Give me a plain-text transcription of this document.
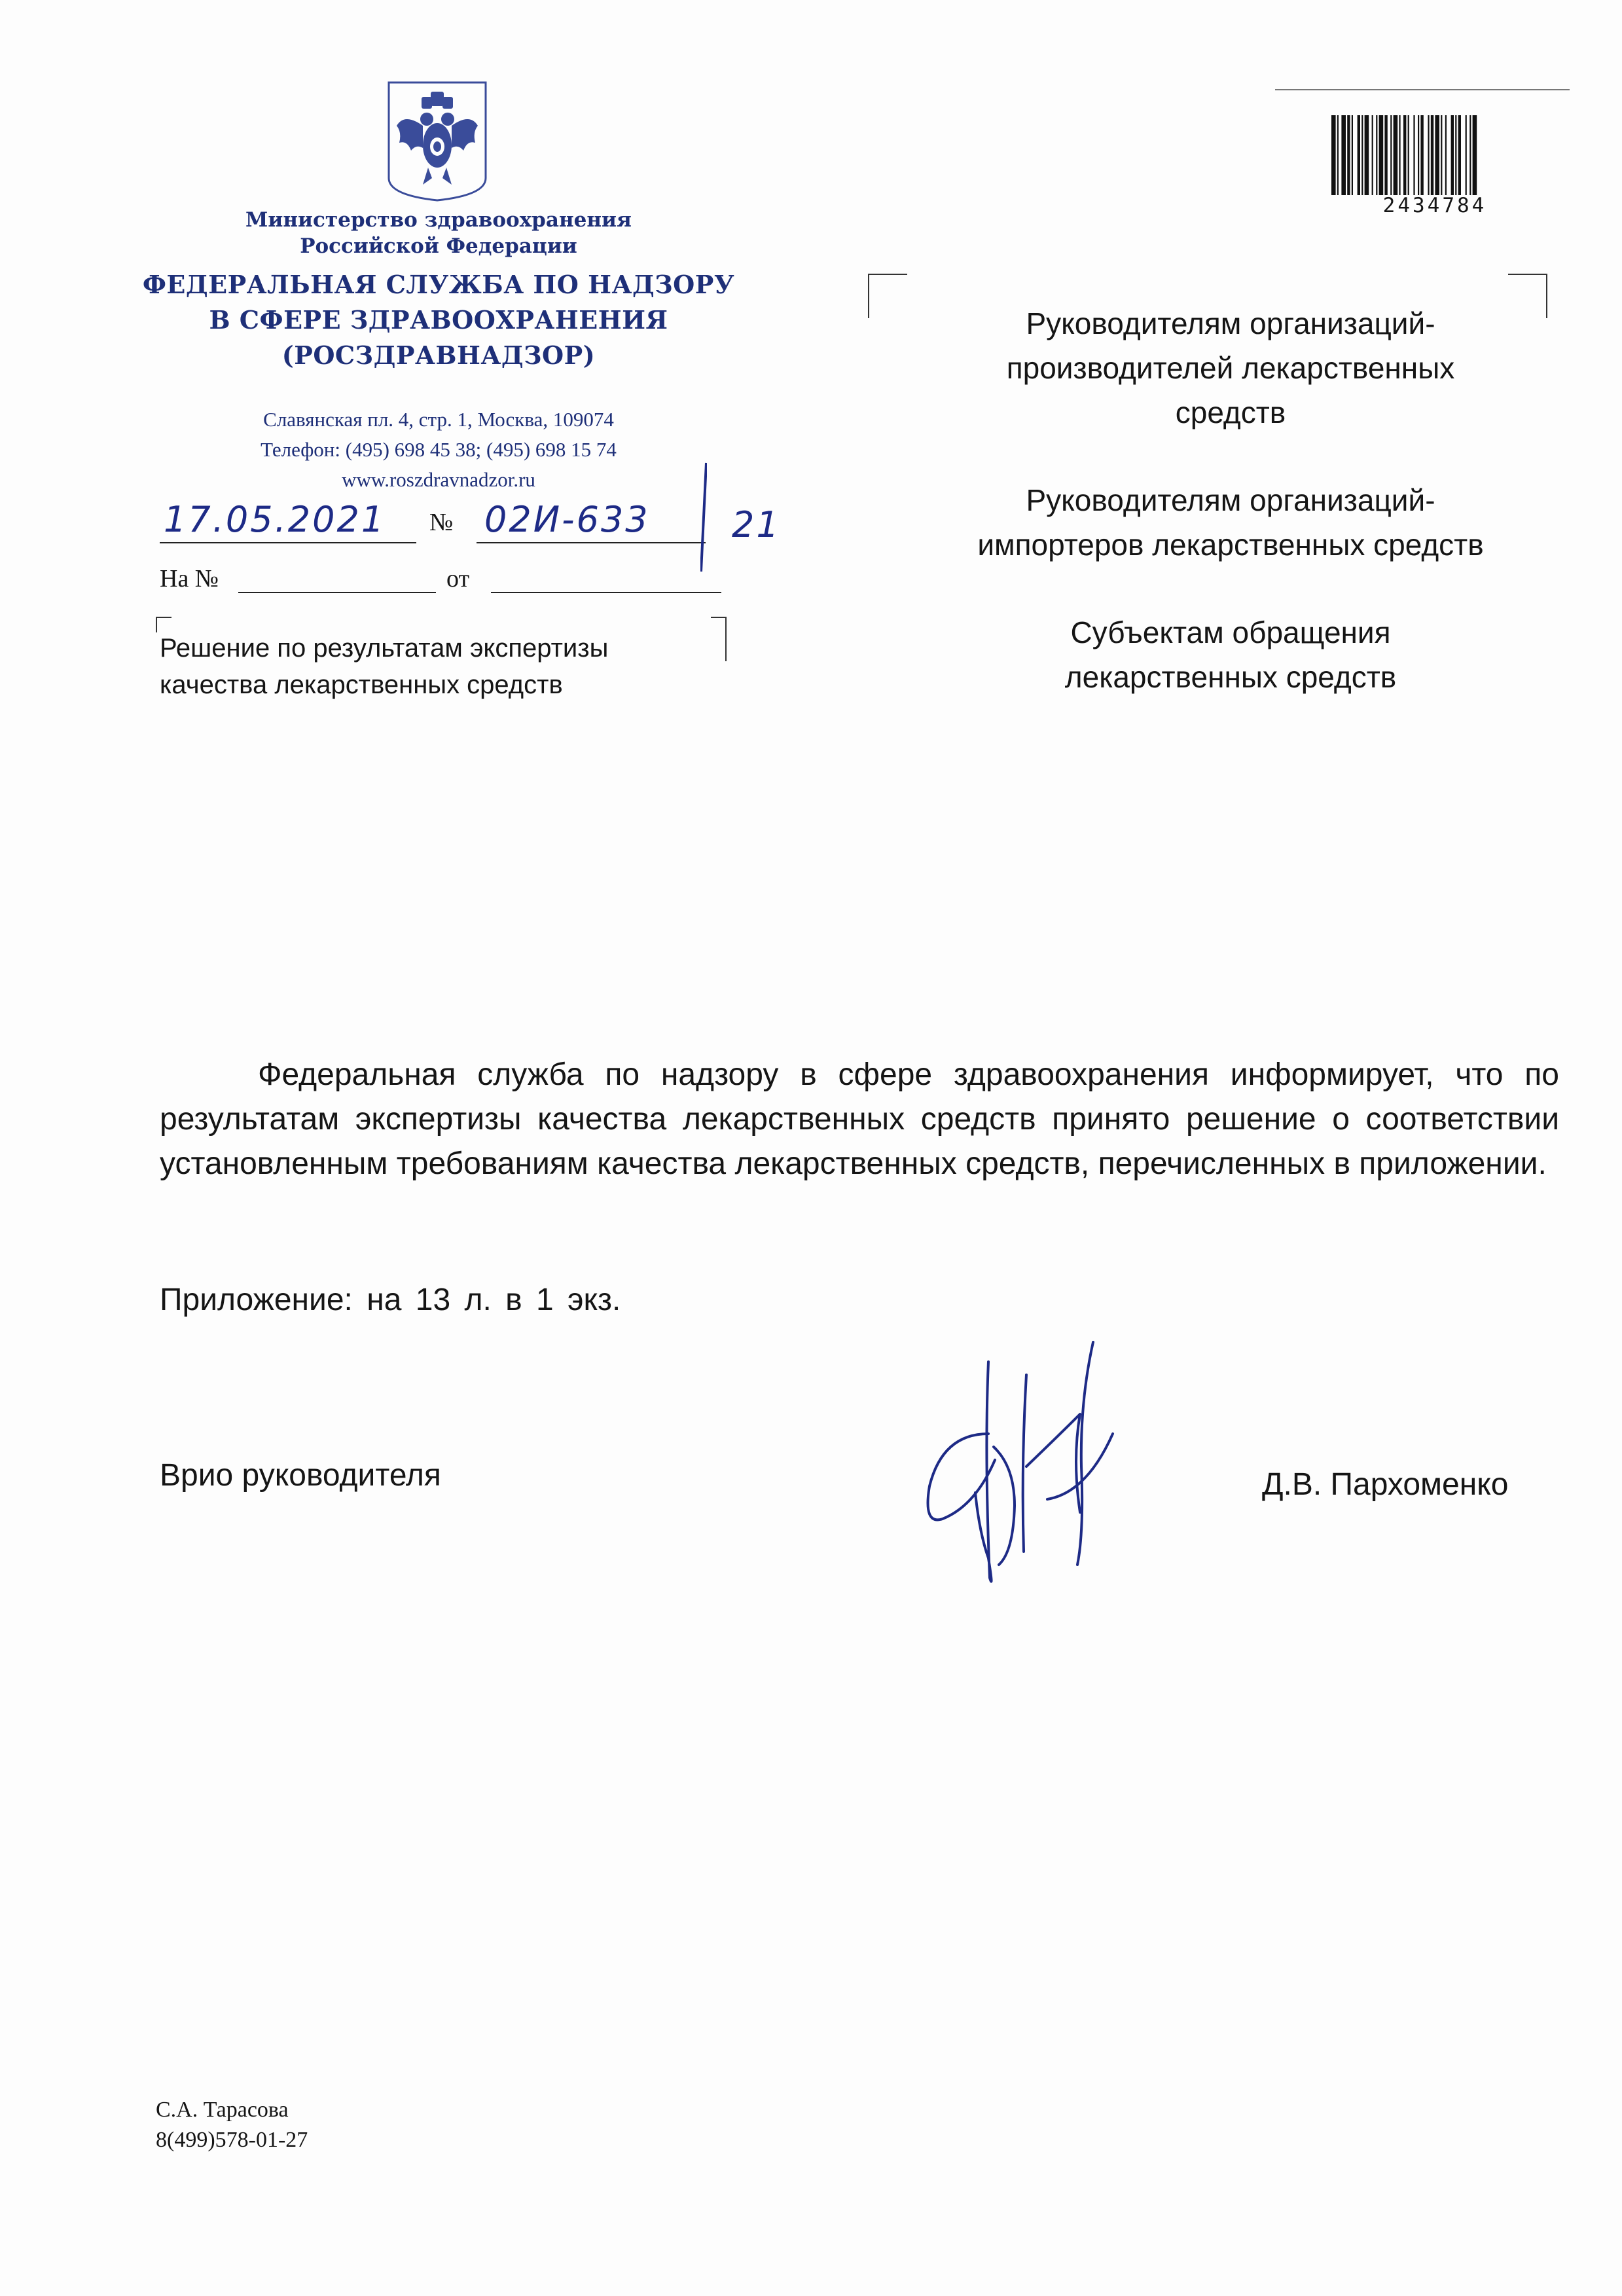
Министерство здравоохранения
Российской Федерации
ФЕДЕРАЛЬНАЯ СЛУЖБА ПО НАДЗОРУ
В СФЕРЕ ЗДРАВООХРАНЕНИЯ
(РОСЗДРАВНАДЗОР)
Славянская пл. 4, стр. 1, Москва, 109074
Телефон: (495) 698 45 38; (495) 698 15 74
www.roszdravnadzor.ru
17.05.2021 № 02И-633 21
На №	от
Решение по результатам экспертизы
качества лекарственных средств
2434784
Руководителям организаций-
производителей лекарственных
средств
Руководителям организаций-
импортеров лекарственных средств
Субъектам обращения
лекарственных средств

Федеральная служба по надзору в сфере здравоохранения информирует, что по результатам экспертизы качества лекарственных средств принято решение о соответствии установленным требованиям качества лекарственных средств, перечисленных в приложении.

Приложение: на 13 л. в 1 экз.
Врио руководителя	Д.В. Пархоменко
С.А. Тарасова
8(499)578-01-27
